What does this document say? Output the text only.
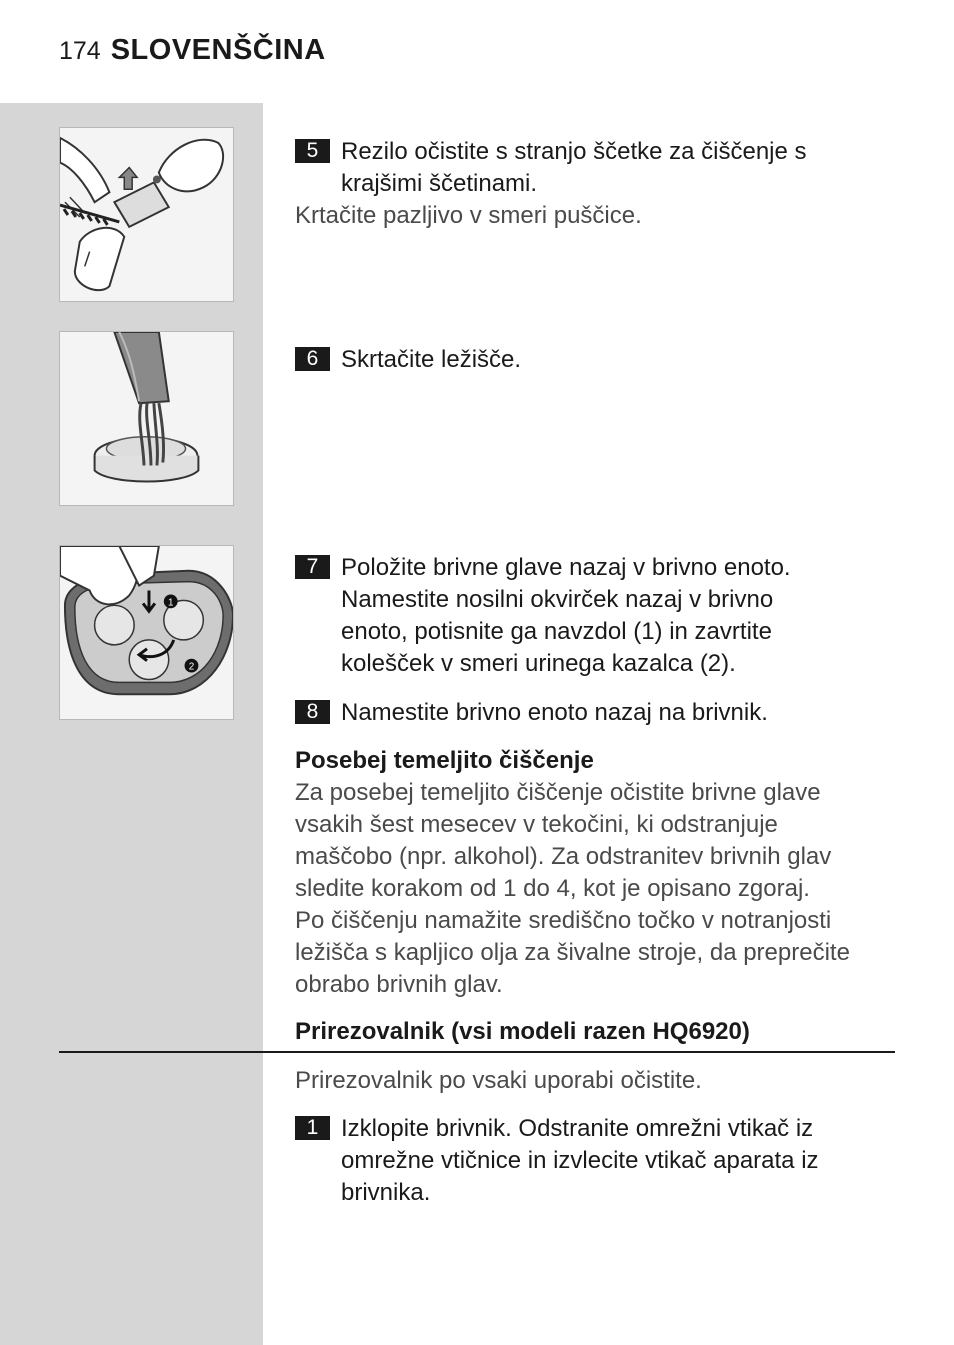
174 SLOVENŠČINA
1
2
5 Rezilo očistite s stranjo ščetke za čiščenje s
krajšimi ščetinami.
Krtačite pazljivo v smeri puščice.
6 Skrtačite ležišče.
7 Položite brivne glave nazaj v brivno enoto.
Namestite nosilni okvirček nazaj v brivno
enoto, potisnite ga navzdol (1) in zavrtite
kolešček v smeri urinega kazalca (2).
8 Namestite brivno enoto nazaj na brivnik.
Posebej temeljito čiščenje
Za posebej temeljito čiščenje očistite brivne glave
vsakih šest mesecev v tekočini, ki odstranjuje
maščobo (npr. alkohol). Za odstranitev brivnih glav
sledite korakom od 1 do 4, kot je opisano zgoraj.
Po čiščenju namažite središčno točko v notranjosti
ležišča s kapljico olja za šivalne stroje, da preprečite
obrabo brivnih glav.
Prirezovalnik (vsi modeli razen HQ6920)
Prirezovalnik po vsaki uporabi očistite.
1 Izklopite brivnik. Odstranite omrežni vtikač iz
omrežne vtičnice in izvlecite vtikač aparata iz
brivnika.
